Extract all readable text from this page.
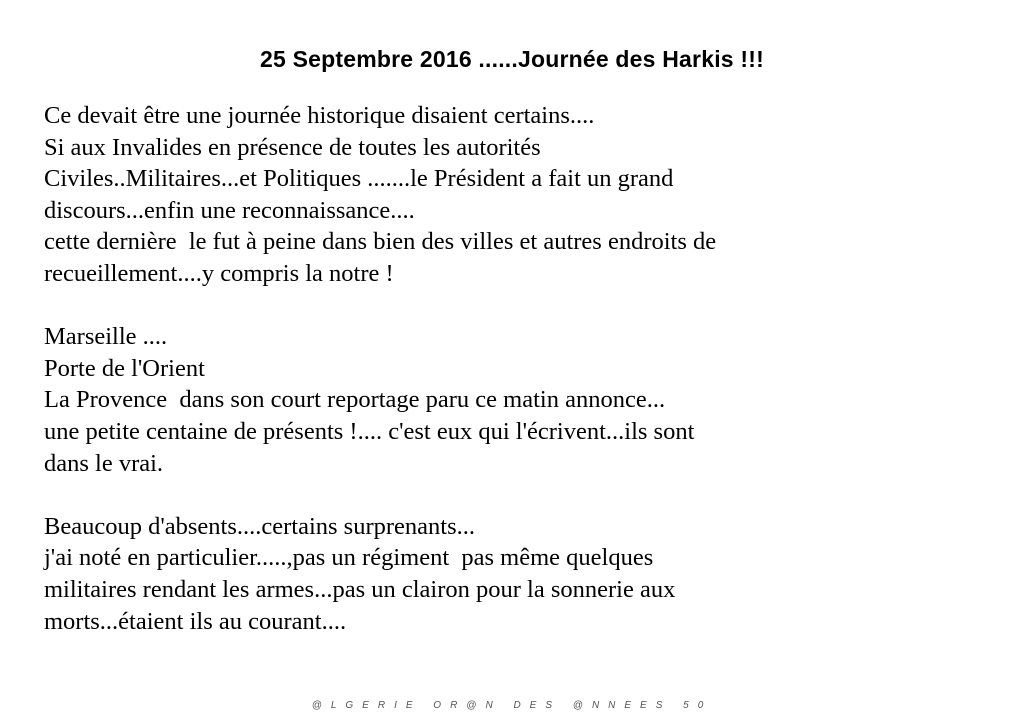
25 Septembre 2016 ......Journée des Harkis !!!
Ce devait être une journée historique disaient certains....
Si aux Invalides en présence de toutes les autorités
Civiles..Militaires...et Politiques .......le Président a fait un grand
discours...enfin une reconnaissance....
cette dernière  le fut à peine dans bien des villes et autres endroits de
recueillement....y compris la notre !
Marseille ....
Porte de l'Orient
La Provence  dans son court reportage paru ce matin annonce...
une petite centaine de présents !.... c'est eux qui l'écrivent...ils sont
dans le vrai.
Beaucoup d'absents....certains surprenants...
j'ai noté en particulier.....,pas un régiment  pas même quelques
militaires rendant les armes...pas un clairon pour la sonnerie aux
morts...étaient ils au courant....
@LGERIE OR@N DES @NNEES 50
